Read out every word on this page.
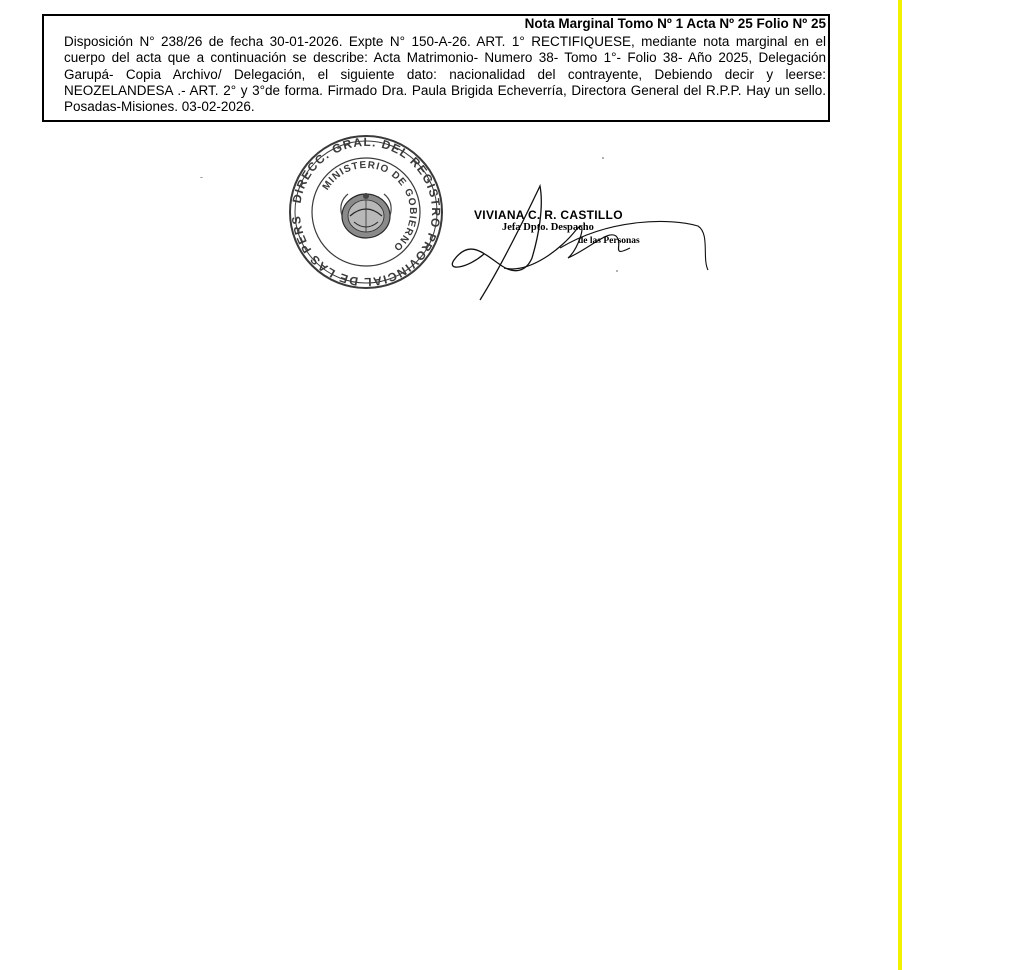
Nota Marginal Tomo Nº 1 Acta Nº 25 Folio Nº 25
Disposición N° 238/26 de fecha 30-01-2026. Expte N° 150-A-26. ART. 1° RECTIFIQUESE, mediante nota marginal en el cuerpo del acta que a continuación se describe: Acta Matrimonio- Numero 38- Tomo 1°- Folio 38- Año 2025, Delegación Garupá- Copia Archivo/ Delegación, el siguiente dato: nacionalidad del contrayente, Debiendo decir y leerse: NEOZELANDESA .- ART. 2° y 3°de forma. Firmado Dra. Paula Brigida Echeverría, Directora General del R.P.P. Hay un sello. Posadas-Misiones. 03-02-2026.
DIRECC. GRAL. DEL REGISTRO PROVINCIAL DE LAS PERS
MINISTERIO DE GOBIERNO
VIVIANA C. R. CASTILLO
Jefa Dpto. Despacho
de las Personas
